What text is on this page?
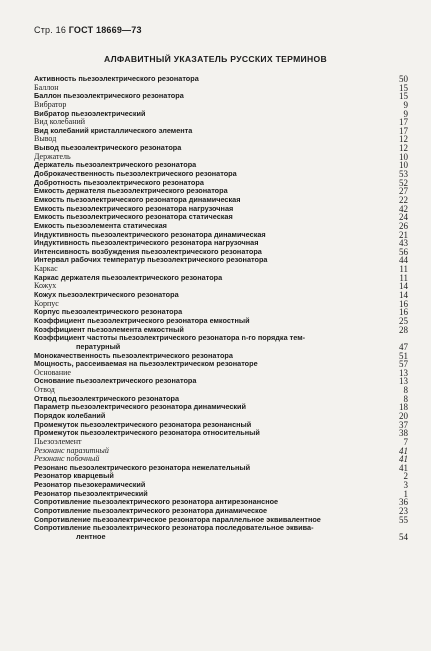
Стр. 16 ГОСТ 18669—73
АЛФАВИТНЫЙ УКАЗАТЕЛЬ РУССКИХ ТЕРМИНОВ
Активность пьезоэлектрического резонатора	50
Баллон	15
Баллон пьезоэлектрического резонатора	15
Вибратор	9
Вибратор пьезоэлектрический	9
Вид колебаний	17
Вид колебаний кристаллического элемента	17
Вывод	12
Вывод пьезоэлектрического резонатора	12
Держатель	10
Держатель пьезоэлектрического резонатора	10
Доброкачественность пьезоэлектрического резонатора	53
Добротность пьезоэлектрического резонатора	52
Емкость держателя пьезоэлектрического резонатора	27
Емкость пьезоэлектрического резонатора динамическая	22
Емкость пьезоэлектрического резонатора нагрузочная	42
Емкость пьезоэлектрического резонатора статическая	24
Емкость пьезоэлемента статическая	26
Индуктивность пьезоэлектрического резонатора динамическая	21
Индуктивность пьезоэлектрического резонатора нагрузочная	43
Интенсивность возбуждения пьезоэлектрического резонатора	56
Интервал рабочих температур пьезоэлектрического резонатора	44
Каркас	11
Каркас держателя пьезоэлектрического резонатора	11
Кожух	14
Кожух пьезоэлектрического резонатора	14
Корпус	16
Корпус пьезоэлектрического резонатора	16
Коэффициент пьезоэлектрического резонатора емкостный	25
Коэффициент пьезоэлемента емкостный	28
Коэффициент частоты пьезоэлектрического резонатора n-го порядка тем-
пературный	47
Монокачественность пьезоэлектрического резонатора	51
Мощность, рассеиваемая на пьезоэлектрическом резонаторе	57
Основание	13
Основание пьезоэлектрического резонатора	13
Отвод	8
Отвод пьезоэлектрического резонатора	8
Параметр пьезоэлектрического резонатора динамический	18
Порядок колебаний	20
Промежуток пьезоэлектрического резонатора резонансный	37
Промежуток пьезоэлектрического резонатора относительный	38
Пьезоэлемент	7
Резонанс паразитный	41
Резонанс побочный	41
Резонанс пьезоэлектрического резонатора нежелательный	41
Резонатор кварцевый	2
Резонатор пьезокерамический	3
Резонатор пьезоэлектрический	1
Сопротивление пьезоэлектрического резонатора антирезонансное	36
Сопротивление пьезоэлектрического резонатора динамическое	23
Сопротивление пьезоэлектрическое резонатора параллельное эквивалентное	55
Сопротивление пьезоэлектрического резонатора последовательное эквива-
лентное	54
